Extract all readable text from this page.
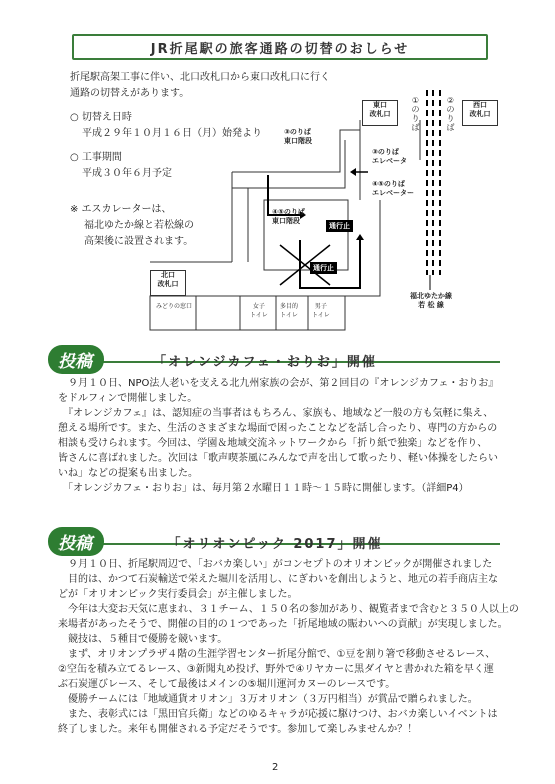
JR折尾駅の旅客通路の切替のおしらせ
折尾駅高架工事に伴い、北口改札口から東口改札口に行く
通路の切替えがあります。
○ 切替え日時
平成２９年１０月１６日（月）始発より
○ 工事期間
平成３０年６月予定
※ エスカレーターは、
福北ゆたか線と若松線の
高架後に設置されます。
東口
改札口
西口
改札口
①のりば
②のりば
③のりば
東口階段
③のりば
エレベータ
④⑤のりば
エレベーター
④⑤のりば
東口階段
通行止
通行止
北口
改札口
みどりの窓口	女子
トイレ
多目的
トイレ
男子
トイレ
福北ゆたか線
若 松 線
投稿	「オレンジカフェ・おりお」開催
　９月１０日、NPO法人老いを支える北九州家族の会が、第２回目の『オレンジカフェ・おりお』
をドルフィンで開催しました。
　『オレンジカフェ』は、認知症の当事者はもちろん、家族も、地域など一般の方も気軽に集え、
憩える場所です。また、生活のさまざまな場面で困ったことなどを話し合ったり、専門の方からの
相談も受けられます。今回は、学園＆地域交流ネットワークから「折り紙で独楽」などを作り、
皆さんに喜ばれました。次回は「歌声喫茶風にみんなで声を出して歌ったり、軽い体操をしたらい
いね」などの提案も出ました。
　「オレンジカフェ・おりお」は、毎月第２水曜日１１時〜１５時に開催します。（詳細P4）
投稿	「オリオンピック 2017」開催
　９月１０日、折尾駅周辺で、「おバカ楽しい」がコンセプトのオリオンピックが開催されました
　目的は、かつて石炭輸送で栄えた堀川を活用し、にぎわいを創出しようと、地元の若手商店主な
どが「オリオンピック実行委員会」が主催しました。
　今年は大変お天気に恵まれ、３１チーム、１５０名の参加があり、観覧者まで含むと３５０人以上の
来場者があったそうで、開催の目的の１つであった「折尾地域の賑わいへの貢献」が実現しました。
　競技は、５種目で優勝を競います。
　まず、オリオンプラザ４階の生涯学習センター折尾分館で、①豆を割り箸で移動させるレース、
②空缶を積み立てるレース、③新聞丸め投げ、野外で④リヤカーに黒ダイヤと書かれた箱を早く運
ぶ石炭運びレース、そして最後はメインの⑤堀川運河カヌーのレースです。
　優勝チームには「地域通貨オリオン」３万オリオン（３万円相当）が賞品で贈られました。
　また、表彰式には「黒田官兵衛」などのゆるキャラが応援に駆けつけ、おバカ楽しいイベントは
終了しました。来年も開催される予定だそうです。参加して楽しみませんか？！
2
